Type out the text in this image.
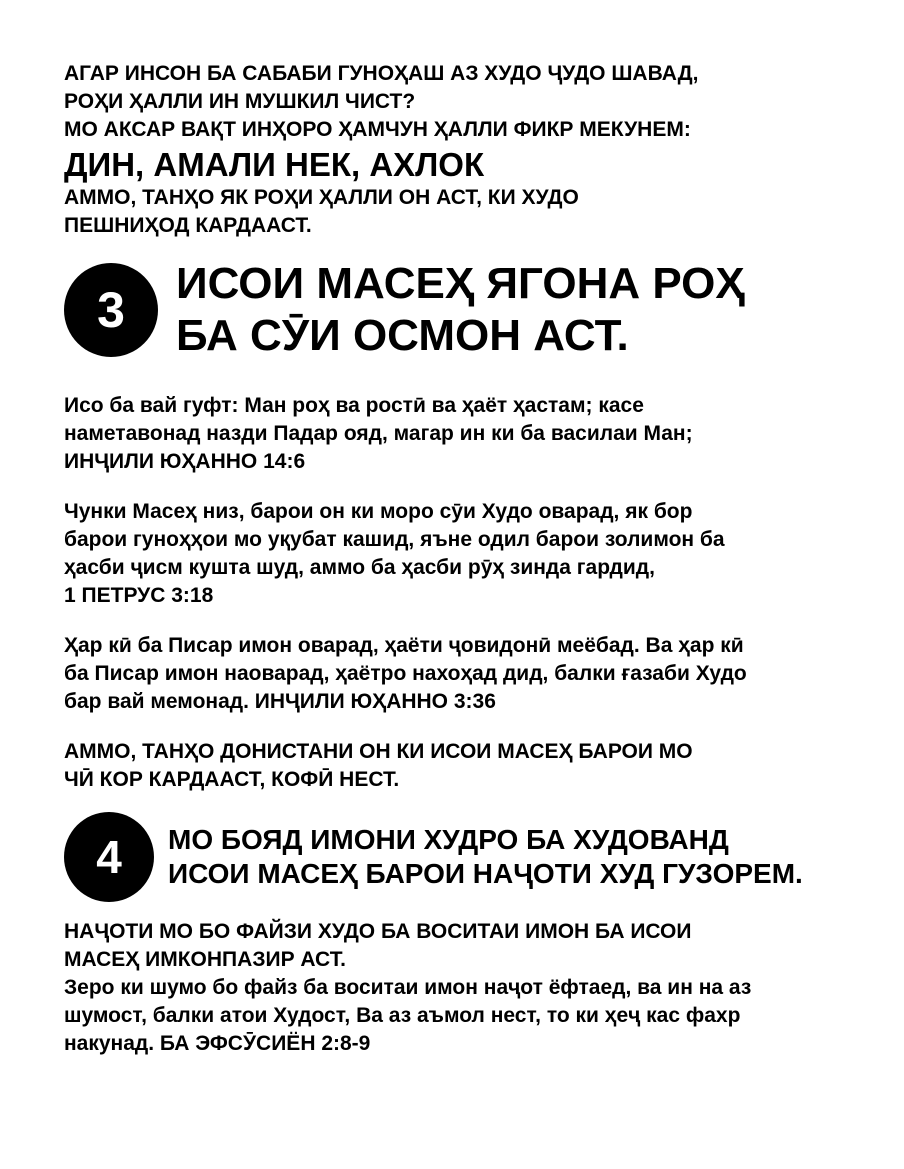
АГАР ИНСОН БА САБАБИ ГУНОҲАШ АЗ ХУДО ҶУДО ШАВАД,
РОҲИ ҲАЛЛИ ИН МУШКИЛ ЧИСТ?
МО АКСАР ВАҚТ ИНҲОРО ҲАМЧУН ҲАЛЛИ ФИКР МЕКУНЕМ:
ДИН, АМАЛИ НЕК, АХЛОК
АММО, ТАНҲО ЯК РОҲИ ҲАЛЛИ ОН АСТ, КИ ХУДО
ПЕШНИҲОД КАРДААСТ.
3	ИСОИ МАСЕҲ ЯГОНА РОҲ
БА СӮИ ОСМОН АСТ.
Исо ба вай гуфт: Ман роҳ ва ростӣ ва ҳаёт ҳастам; касе
наметавонад назди Падар ояд, магар ин ки ба василаи Ман;
ИНҶИЛИ ЮҲАННО 14:6
Чунки Масеҳ низ, барои он ки моро сӯи Худо оварад, як бор
барои гуноҳҳои мо уқубат кашид, яъне одил барои золимон ба
ҳасби ҷисм кушта шуд, аммо ба ҳасби рӯҳ зинда гардид,
1 ПЕТРУС 3:18
Ҳар кӣ ба Писар имон оварад, ҳаёти ҷовидонӣ меёбад. Ва ҳар кӣ
ба Писар имон наоварад, ҳаётро нахоҳад дид, балки ғазаби Худо
бар вай мемонад. ИНҶИЛИ ЮҲАННО 3:36
АММО, ТАНҲО ДОНИСТАНИ ОН КИ ИСОИ МАСЕҲ БАРОИ МО
ЧӢ КОР КАРДААСТ, КОФӢ НЕСТ.
4	МО БОЯД ИМОНИ ХУДРО БА ХУДОВАНД
ИСОИ МАСЕҲ БАРОИ НАҶОТИ ХУД ГУЗОРЕМ.
НАҶОТИ МО БО ФАЙЗИ ХУДО БА ВОСИТАИ ИМОН БА ИСОИ
МАСЕҲ ИМКОНПАЗИР АСТ.
Зеро ки шумо бо файз ба воситаи имон наҷот ёфтаед, ва ин на аз
шумост, балки атои Худост, Ва аз аъмол нест, то ки ҳеҷ кас фахр
накунад. БА ЭФСӮСИЁН 2:8-9
